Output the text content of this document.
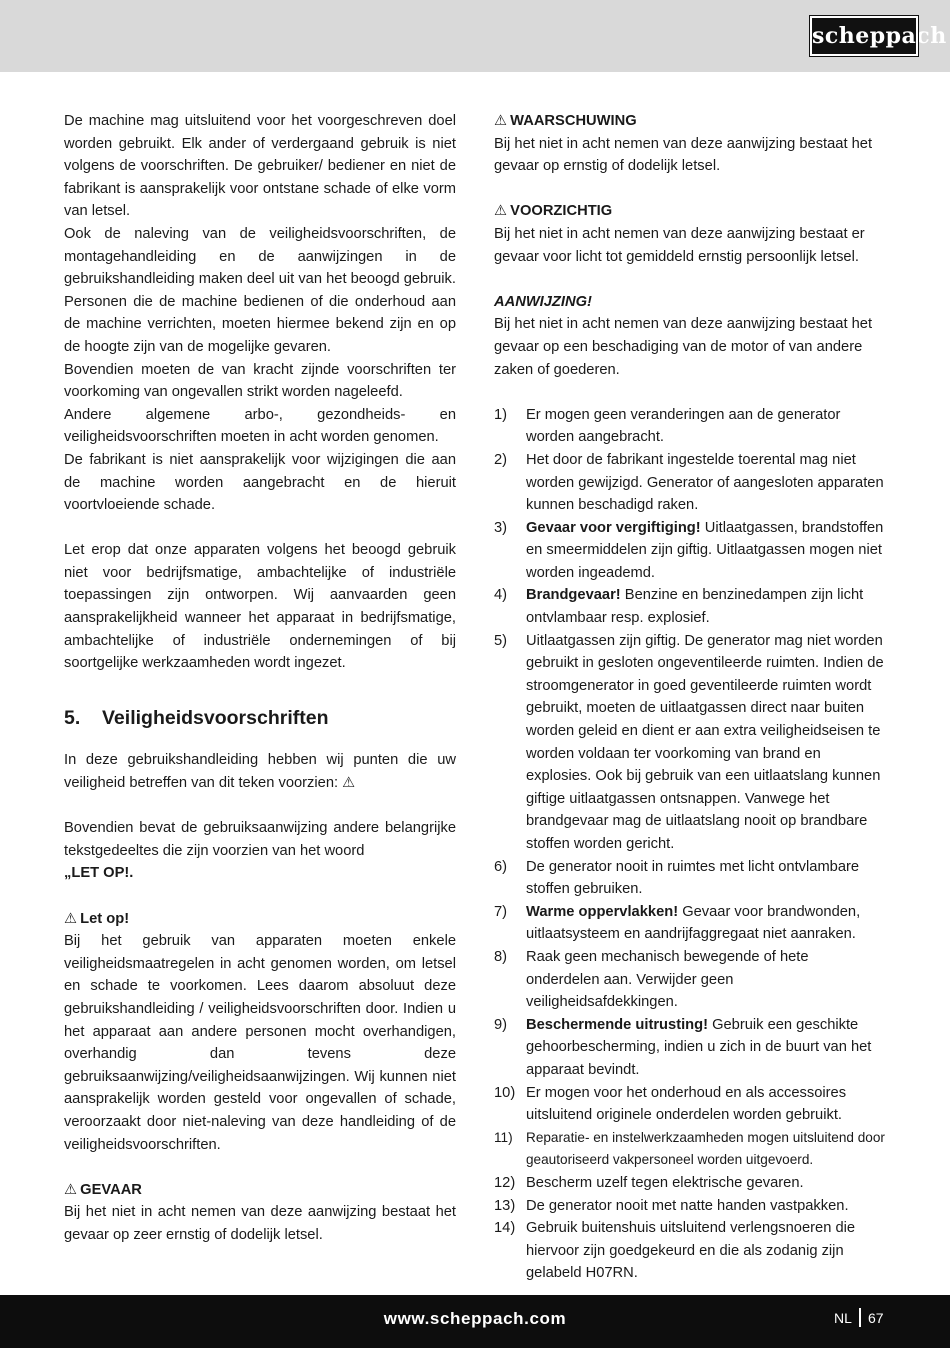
scheppach

De machine mag uitsluitend voor het voorgeschreven doel worden gebruikt. Elk ander of verdergaand gebruik is niet volgens de voorschriften. De gebruiker/ bediener en niet de fabrikant is aansprakelijk voor ontstane schade of elke vorm van letsel.

Ook de naleving van de veiligheidsvoorschriften, de montagehandleiding en de aanwijzingen in de gebruikshandleiding maken deel uit van het beoogd gebruik.

Personen die de machine bedienen of die onderhoud aan de machine verrichten, moeten hiermee bekend zijn en op de hoogte zijn van de mogelijke gevaren.

Bovendien moeten de van kracht zijnde voorschriften ter voorkoming van ongevallen strikt worden nageleefd.

Andere algemene arbo-, gezondheids- en veiligheidsvoorschriften moeten in acht worden genomen.

De fabrikant is niet aansprakelijk voor wijzigingen die aan de machine worden aangebracht en de hieruit voortvloeiende schade.

Let erop dat onze apparaten volgens het beoogd gebruik niet voor bedrijfsmatige, ambachtelijke of industriële toepassingen zijn ontworpen. Wij aanvaarden geen aansprakelijkheid wanneer het apparaat in bedrijfsmatige, ambachtelijke of industriële ondernemingen of bij soortgelijke werkzaamheden wordt ingezet.

5. Veiligheidsvoorschriften

In deze gebruikshandleiding hebben wij punten die uw veiligheid betreffen van dit teken voorzien: ⚠

Bovendien bevat de gebruiksaanwijzing andere belangrijke tekstgedeeltes die zijn voorzien van het woord
„LET OP!.

⚠ Let op!

Bij het gebruik van apparaten moeten enkele veiligheidsmaatregelen in acht genomen worden, om letsel en schade te voorkomen. Lees daarom absoluut deze gebruikshandleiding / veiligheidsvoorschriften door. Indien u het apparaat aan andere personen mocht overhandigen, overhandig dan tevens deze gebruiksaanwijzing/veiligheidsaanwijzingen. Wij kunnen niet aansprakelijk worden gesteld voor ongevallen of schade, veroorzaakt door niet-naleving van deze handleiding of de veiligheidsvoorschriften.

⚠ GEVAAR

Bij het niet in acht nemen van deze aanwijzing bestaat het gevaar op zeer ernstig of dodelijk letsel.

⚠ WAARSCHUWING

Bij het niet in acht nemen van deze aanwijzing bestaat het gevaar op ernstig of dodelijk letsel.

⚠ VOORZICHTIG

Bij het niet in acht nemen van deze aanwijzing bestaat er gevaar voor licht tot gemiddeld ernstig persoonlijk letsel.

AANWIJZING!

Bij het niet in acht nemen van deze aanwijzing bestaat het gevaar op een beschadiging van de motor of van andere zaken of goederen.

1) Er mogen geen veranderingen aan de generator worden aangebracht.
2) Het door de fabrikant ingestelde toerental mag niet worden gewijzigd. Generator of aangesloten apparaten kunnen beschadigd raken.
3) Gevaar voor vergiftiging! Uitlaatgassen, brandstoffen en smeermiddelen zijn giftig. Uitlaatgassen mogen niet worden ingeademd.
4) Brandgevaar! Benzine en benzinedampen zijn licht ontvlambaar resp. explosief.
5) Uitlaatgassen zijn giftig. De generator mag niet worden gebruikt in gesloten ongeventileerde ruimten. Indien de stroomgenerator in goed geventileerde ruimten wordt gebruikt, moeten de uitlaatgassen direct naar buiten worden geleid en dient er aan extra veiligheidseisen te worden voldaan ter voorkoming van brand en explosies. Ook bij gebruik van een uitlaatslang kunnen giftige uitlaatgassen ontsnappen. Vanwege het brandgevaar mag de uitlaatslang nooit op brandbare stoffen worden gericht.
6) De generator nooit in ruimtes met licht ontvlambare stoffen gebruiken.
7) Warme oppervlakken! Gevaar voor brandwonden, uitlaatsysteem en aandrijfaggregaat niet aanraken.
8) Raak geen mechanisch bewegende of hete onderdelen aan. Verwijder geen veiligheidsafdekkingen.
9) Beschermende uitrusting! Gebruik een geschikte gehoorbescherming, indien u zich in de buurt van het apparaat bevindt.
10) Er mogen voor het onderhoud en als accessoires uitsluitend originele onderdelen worden gebruikt.
11) Reparatie- en instelwerkzaamheden mogen uitsluitend door geautoriseerd vakpersoneel worden uitgevoerd.
12) Bescherm uzelf tegen elektrische gevaren.
13) De generator nooit met natte handen vastpakken.
14) Gebruik buitenshuis uitsluitend verlengsnoeren die hiervoor zijn goedgekeurd en die als zodanig zijn gelabeld H07RN.
www.scheppach.com	NL 67
